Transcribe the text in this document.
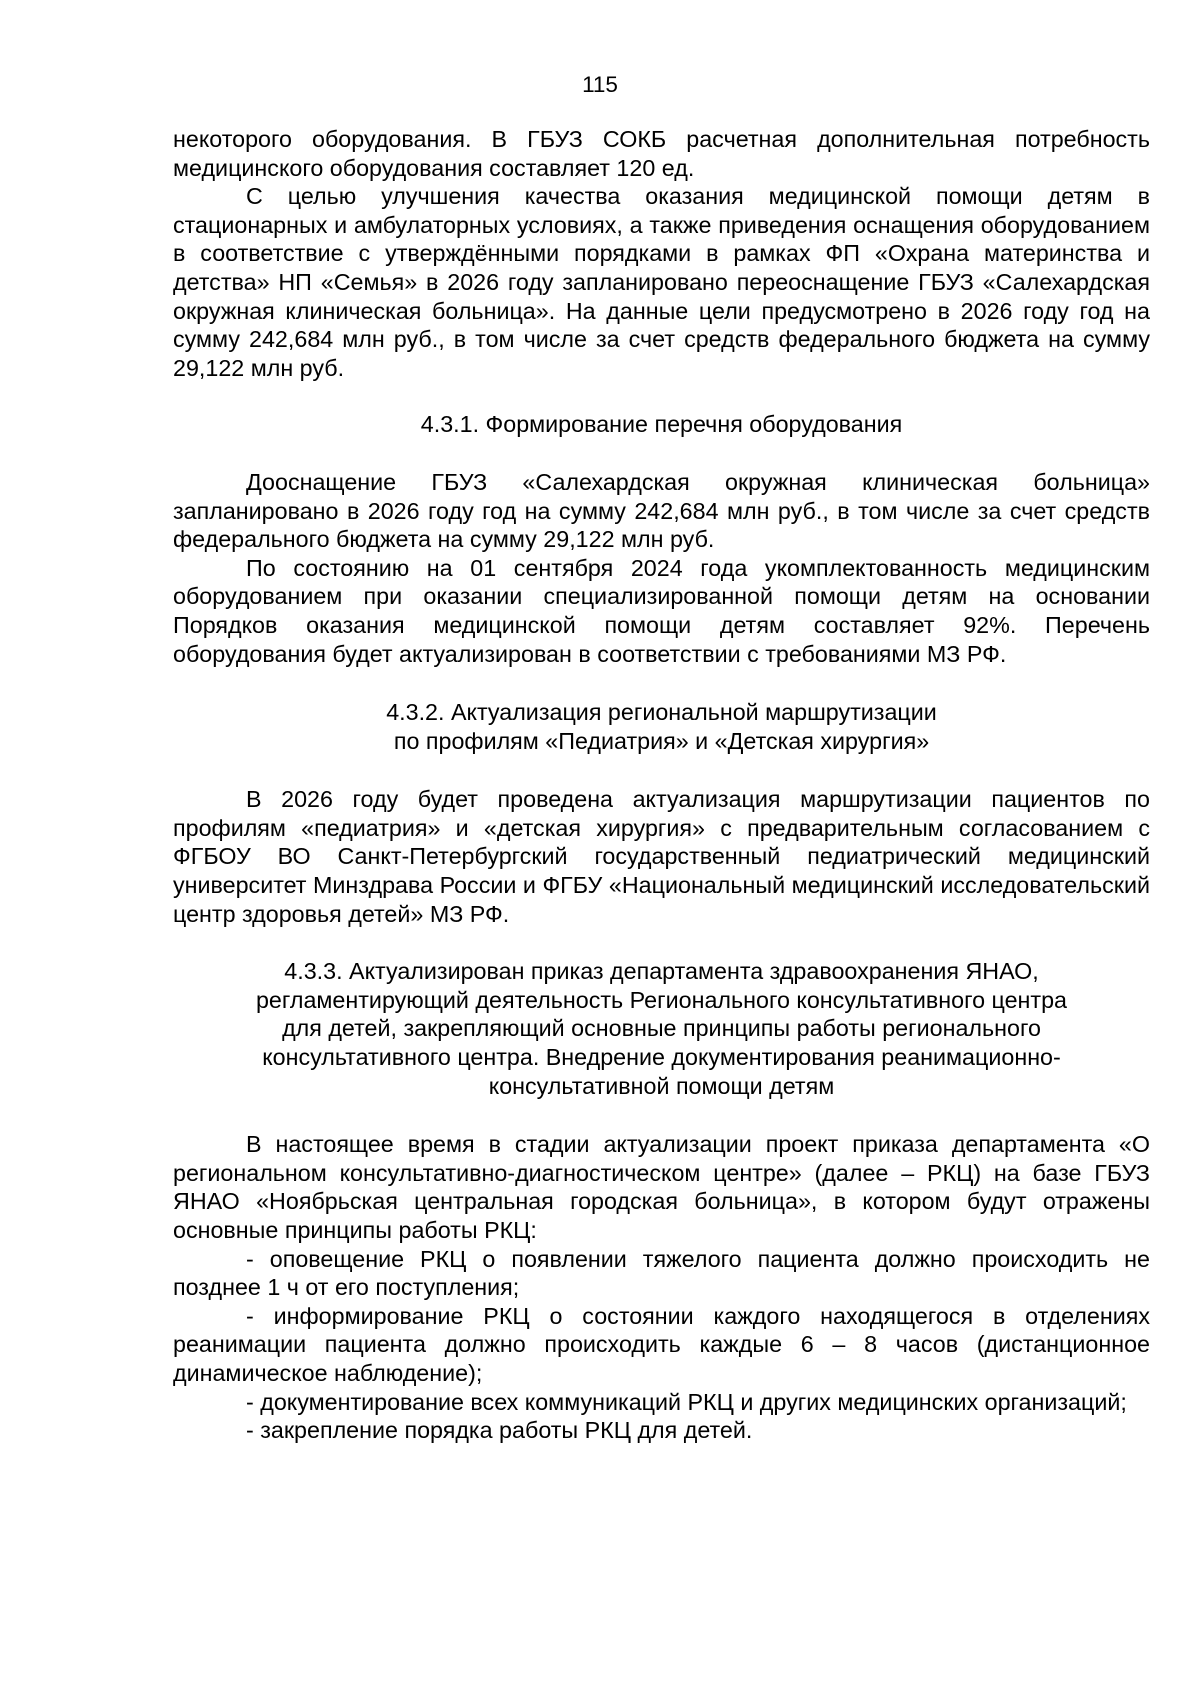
115

некоторого оборудования. В ГБУЗ СОКБ расчетная дополнительная потребность медицинского оборудования составляет 120 ед.

С целью улучшения качества оказания медицинской помощи детям в стационарных и амбулаторных условиях, а также приведения оснащения оборудованием в соответствие с утверждёнными порядками в рамках ФП «Охрана материнства и детства» НП «Семья» в 2026 году запланировано переоснащение ГБУЗ «Салехардская окружная клиническая больница». На данные цели предусмотрено в 2026 году год на сумму 242,684 млн руб., в том числе за счет средств федерального бюджета на сумму 29,122 млн руб.

4.3.1. Формирование перечня оборудования

Дооснащение ГБУЗ «Салехардская окружная клиническая больница» запланировано в 2026 году год на сумму 242,684 млн руб., в том числе за счет средств федерального бюджета на сумму 29,122 млн руб.

По состоянию на 01 сентября 2024 года укомплектованность медицинским оборудованием при оказании специализированной помощи детям на основании Порядков оказания медицинской помощи детям составляет 92%. Перечень оборудования будет актуализирован в соответствии с требованиями МЗ РФ.

4.3.2. Актуализация региональной маршрутизации
по профилям «Педиатрия» и «Детская хирургия»

В 2026 году будет проведена актуализация маршрутизации пациентов по профилям «педиатрия» и «детская хирургия» с предварительным согласованием с ФГБОУ ВО Санкт-Петербургский государственный педиатрический медицинский университет Минздрава России и ФГБУ «Национальный медицинский исследовательский центр здоровья детей» МЗ РФ.

4.3.3. Актуализирован приказ департамента здравоохранения ЯНАО,
регламентирующий деятельность Регионального консультативного центра
для детей, закрепляющий основные принципы работы регионального
консультативного центра. Внедрение документирования реанимационно-
консультативной помощи детям

В настоящее время в стадии актуализации проект приказа департамента «О региональном консультативно-диагностическом центре» (далее – РКЦ) на базе ГБУЗ ЯНАО «Ноябрьская центральная городская больница», в котором будут отражены основные принципы работы РКЦ:

- оповещение РКЦ о появлении тяжелого пациента должно происходить не позднее 1 ч от его поступления;

- информирование РКЦ о состоянии каждого находящегося в отделениях реанимации пациента должно происходить каждые 6 – 8 часов (дистанционное динамическое наблюдение);

- документирование всех коммуникаций РКЦ и других медицинских организаций;

- закрепление порядка работы РКЦ для детей.
